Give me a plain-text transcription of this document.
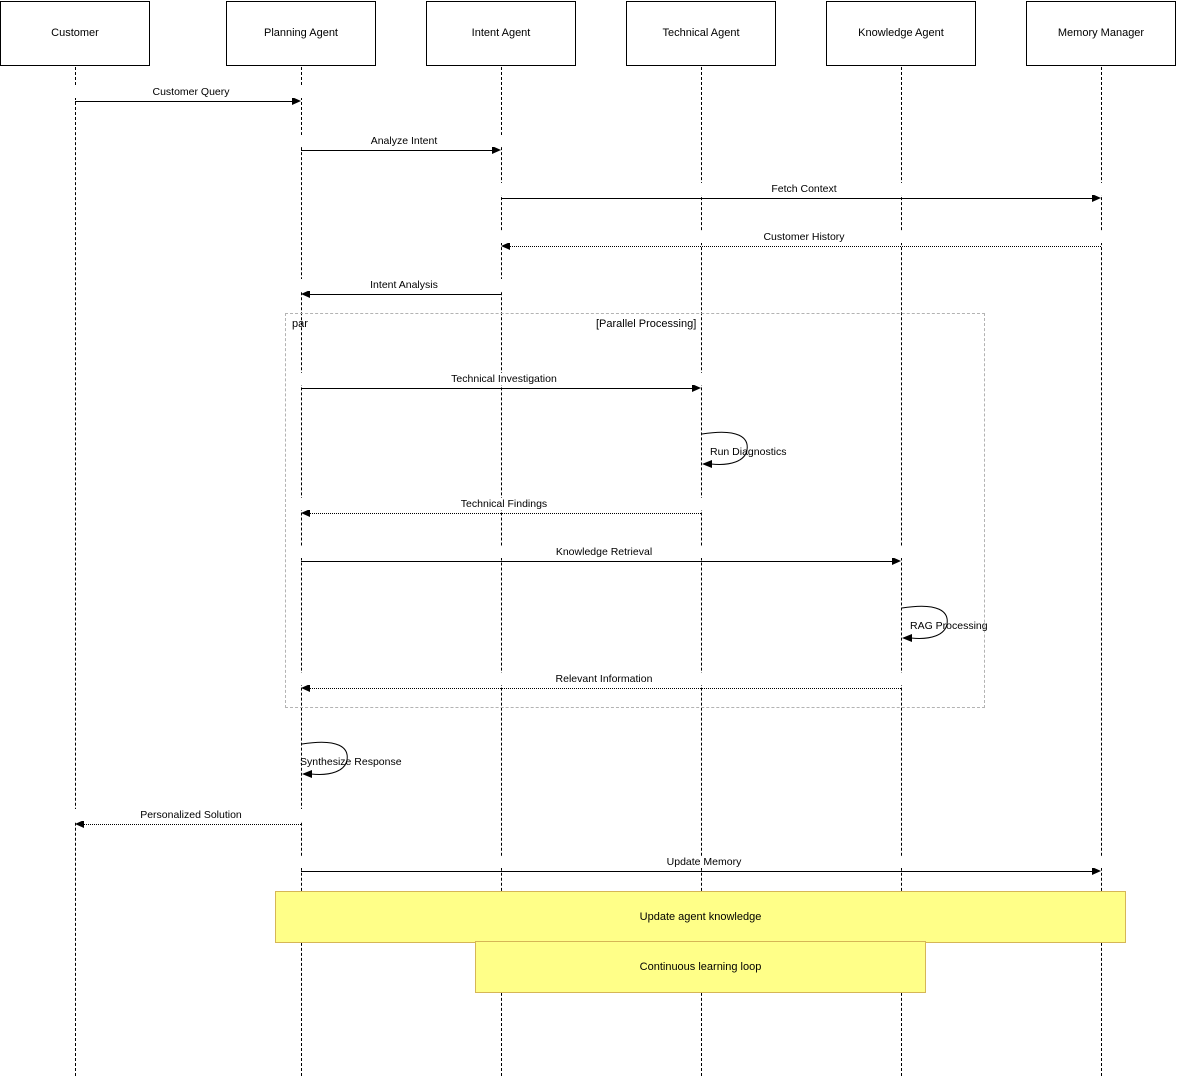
Customer	Planning Agent	Intent Agent	Technical Agent	Knowledge Agent	Memory Manager
par	[Parallel Processing]
Customer Query
Analyze Intent
Fetch Context
Customer History
Intent Analysis
Technical Investigation
Run Diagnostics
Technical Findings
Knowledge Retrieval
RAG Processing
Relevant Information
Synthesize Response
Personalized Solution
Update Memory
Update agent knowledge
Continuous learning loop
